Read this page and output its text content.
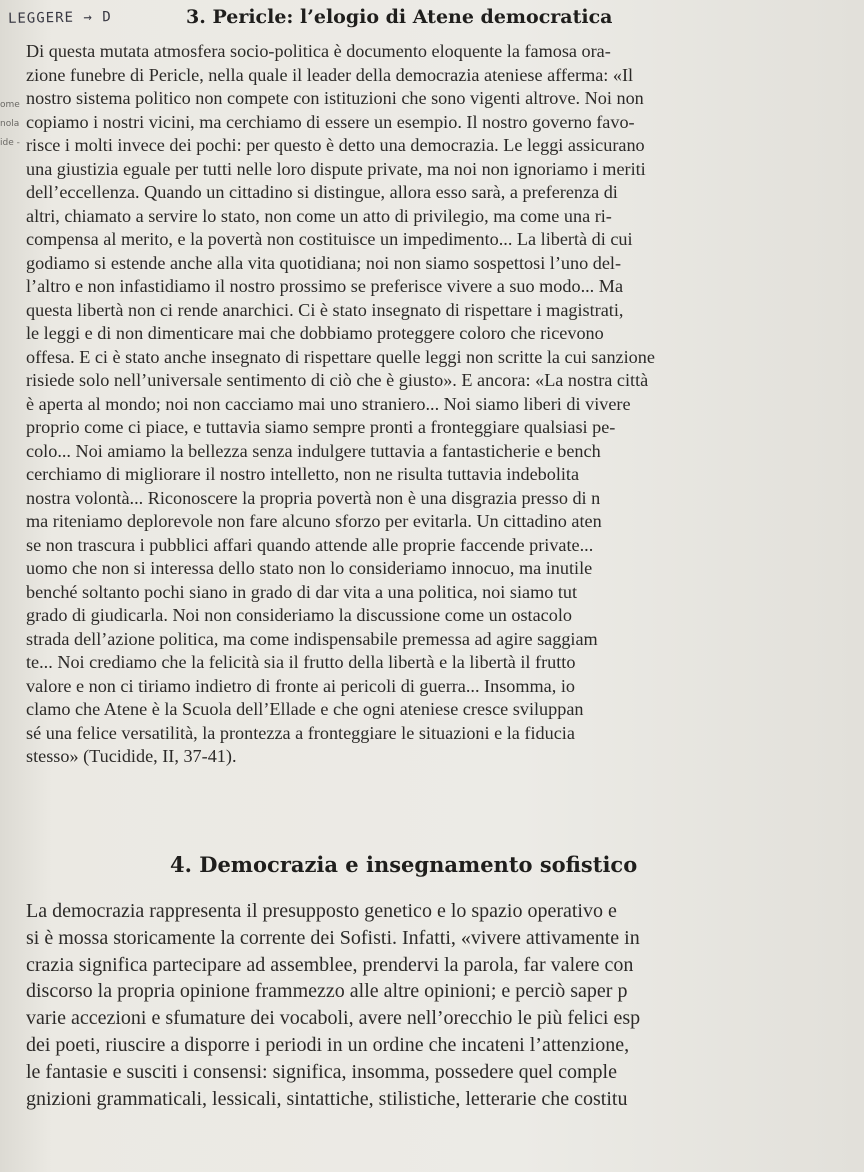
LEGGERE → D
ome
nola
ide -
3. Pericle: l’elogio di Atene democratica
Di questa mutata atmosfera socio-politica è documento eloquente la famosa ora-
zione funebre di Pericle, nella quale il leader della democrazia ateniese afferma: «Il
nostro sistema politico non compete con istituzioni che sono vigenti altrove. Noi non
copiamo i nostri vicini, ma cerchiamo di essere un esempio. Il nostro governo favo-
risce i molti invece dei pochi: per questo è detto una democrazia. Le leggi assicurano
una giustizia eguale per tutti nelle loro dispute private, ma noi non ignoriamo i meriti
dell’eccellenza. Quando un cittadino si distingue, allora esso sarà, a preferenza di
altri, chiamato a servire lo stato, non come un atto di privilegio, ma come una ri-
compensa al merito, e la povertà non costituisce un impedimento... La libertà di cui
godiamo si estende anche alla vita quotidiana; noi non siamo sospettosi l’uno del-
l’altro e non infastidiamo il nostro prossimo se preferisce vivere a suo modo... Ma
questa libertà non ci rende anarchici. Ci è stato insegnato di rispettare i magistrati,
le leggi e di non dimenticare mai che dobbiamo proteggere coloro che ricevono
offesa. E ci è stato anche insegnato di rispettare quelle leggi non scritte la cui sanzione
risiede solo nell’universale sentimento di ciò che è giusto». E ancora: «La nostra città
è aperta al mondo; noi non cacciamo mai uno straniero... Noi siamo liberi di vivere
proprio come ci piace, e tuttavia siamo sempre pronti a fronteggiare qualsiasi pe-
colo... Noi amiamo la bellezza senza indulgere tuttavia a fantasticherie e bench
cerchiamo di migliorare il nostro intelletto, non ne risulta tuttavia indebolita
nostra volontà... Riconoscere la propria povertà non è una disgrazia presso di n
ma riteniamo deplorevole non fare alcuno sforzo per evitarla. Un cittadino aten
se non trascura i pubblici affari quando attende alle proprie faccende private...
uomo che non si interessa dello stato non lo consideriamo innocuo, ma inutile
benché soltanto pochi siano in grado di dar vita a una politica, noi siamo tut
grado di giudicarla. Noi non consideriamo la discussione come un ostacolo
strada dell’azione politica, ma come indispensabile premessa ad agire saggiam
te... Noi crediamo che la felicità sia il frutto della libertà e la libertà il frutto
valore e non ci tiriamo indietro di fronte ai pericoli di guerra... Insomma, io
clamo che Atene è la Scuola dell’Ellade e che ogni ateniese cresce sviluppan
sé una felice versatilità, la prontezza a fronteggiare le situazioni e la fiducia
stesso» (Tucidide, II, 37-41).
4. Democrazia e insegnamento sofistico
La democrazia rappresenta il presupposto genetico e lo spazio operativo e
si è mossa storicamente la corrente dei Sofisti. Infatti, «vivere attivamente in
crazia significa partecipare ad assemblee, prendervi la parola, far valere con
discorso la propria opinione frammezzo alle altre opinioni; e perciò saper p
varie accezioni e sfumature dei vocaboli, avere nell’orecchio le più felici esp
dei poeti, riuscire a disporre i periodi in un ordine che incateni l’attenzione,
le fantasie e susciti i consensi: significa, insomma, possedere quel comple
gnizioni grammaticali, lessicali, sintattiche, stilistiche, letterarie che costitu
